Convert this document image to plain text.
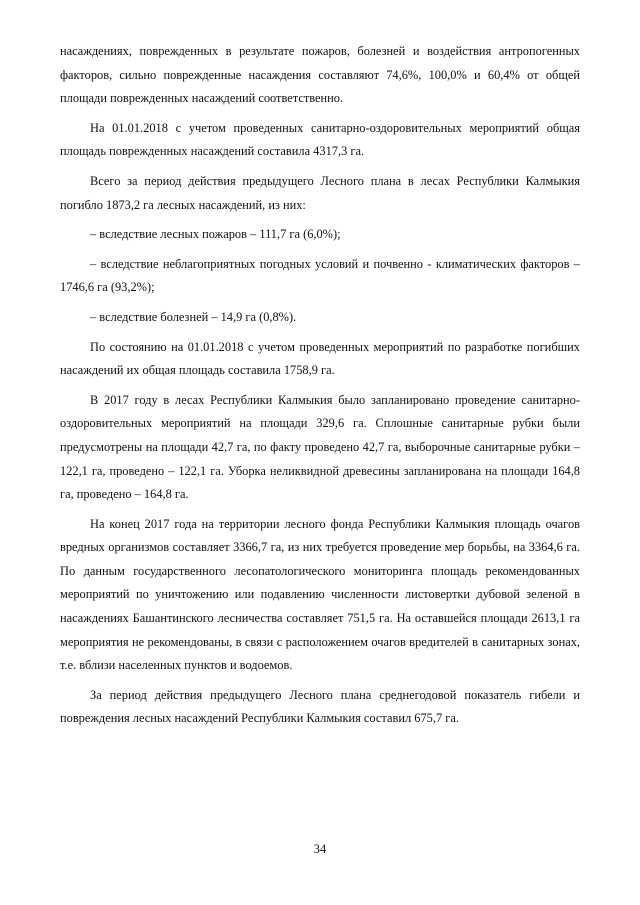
насаждениях, поврежденных в результате пожаров, болезней и воздействия антропогенных факторов, сильно поврежденные насаждения составляют 74,6%, 100,0% и 60,4% от общей площади поврежденных насаждений соответственно.

На 01.01.2018 с учетом проведенных санитарно-оздоровительных мероприятий общая площадь поврежденных насаждений составила 4317,3 га.

Всего за период действия предыдущего Лесного плана в лесах Республики Калмыкия погибло 1873,2 га лесных насаждений, из них:

– вследствие лесных пожаров – 111,7 га (6,0%);

– вследствие неблагоприятных погодных условий и почвенно - климатических факторов – 1746,6 га (93,2%);

– вследствие болезней – 14,9 га (0,8%).

По состоянию на 01.01.2018 с учетом проведенных мероприятий по разработке погибших насаждений их общая площадь составила 1758,9 га.

В 2017 году в лесах Республики Калмыкия было запланировано проведение санитарно-оздоровительных мероприятий на площади 329,6 га. Сплошные санитарные рубки были предусмотрены на площади 42,7 га, по факту проведено 42,7 га, выборочные санитарные рубки – 122,1 га, проведено – 122,1 га. Уборка неликвидной древесины запланирована на площади 164,8 га, проведено – 164,8 га.

На конец 2017 года на территории лесного фонда Республики Калмыкия площадь очагов вредных организмов составляет 3366,7 га, из них требуется проведение мер борьбы, на 3364,6 га. По данным государственного лесопатологического мониторинга площадь рекомендованных мероприятий по уничтожению или подавлению численности листовертки дубовой зеленой в насаждениях Башантинского лесничества составляет 751,5 га. На оставшейся площади 2613,1 га мероприятия не рекомендованы, в связи с расположением очагов вредителей в санитарных зонах, т.е. вблизи населенных пунктов и водоемов.

За период действия предыдущего Лесного плана среднегодовой показатель гибели и повреждения лесных насаждений Республики Калмыкия составил 675,7 га.

34
